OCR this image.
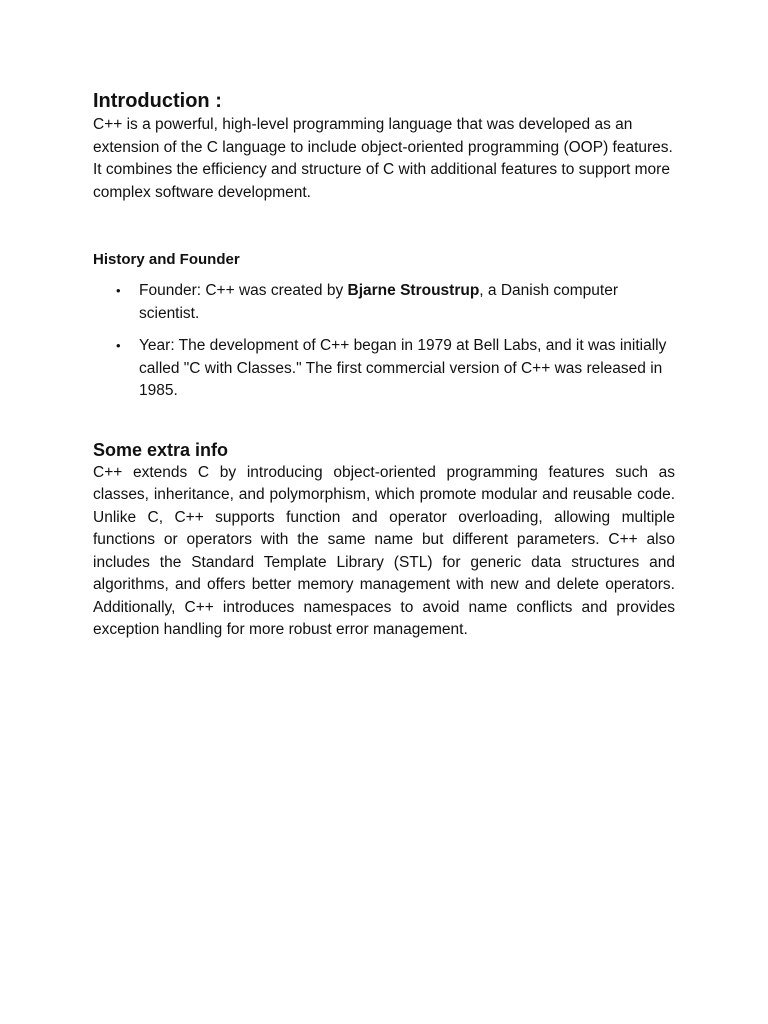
Introduction :

C++ is a powerful, high-level programming language that was developed as an extension of the C language to include object-oriented programming (OOP) features. It combines the efficiency and structure of C with additional features to support more complex software development.

History and Founder
• Founder: C++ was created by Bjarne Stroustrup, a Danish computer scientist.
• Year: The development of C++ began in 1979 at Bell Labs, and it was initially called "C with Classes." The first commercial version of C++ was released in 1985.
Some extra info

C++ extends C by introducing object-oriented programming features such as classes, inheritance, and polymorphism, which promote modular and reusable code. Unlike C, C++ supports function and operator overloading, allowing multiple functions or operators with the same name but different parameters. C++ also includes the Standard Template Library (STL) for generic data structures and algorithms, and offers better memory management with new and delete operators. Additionally, C++ introduces namespaces to avoid name conflicts and provides exception handling for more robust error management.
